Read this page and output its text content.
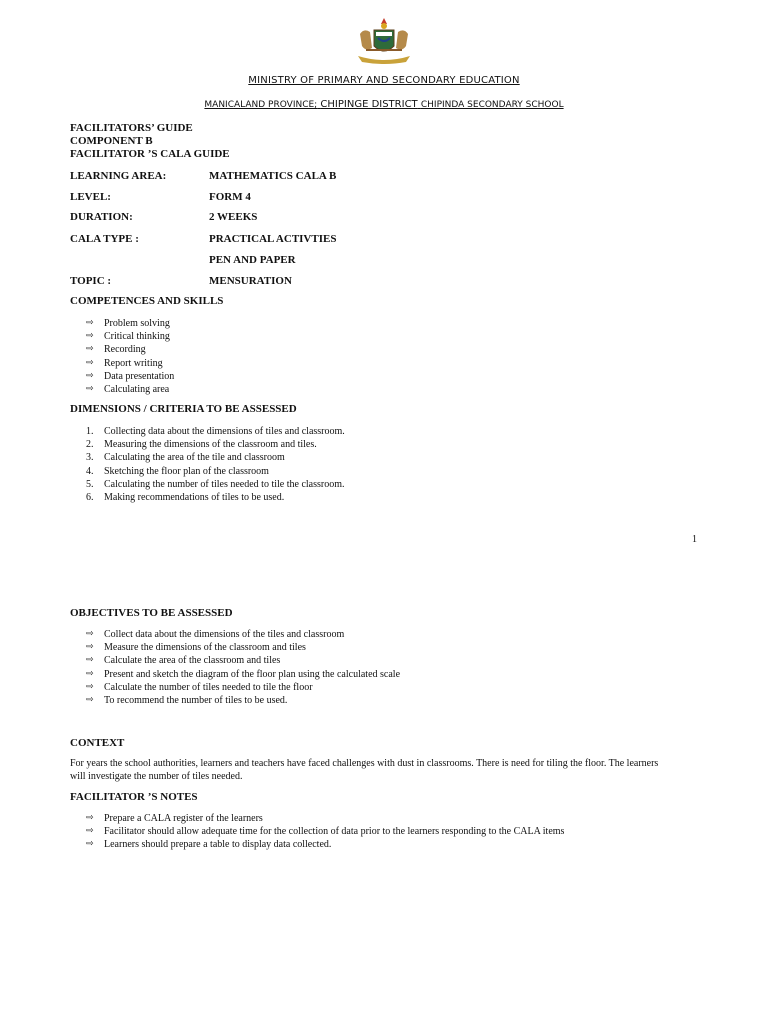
MINISTRY OF PRIMARY AND SECONDARY EDUCATION
MANICALAND PROVINCE; CHIPINGE DISTRICT CHIPINDA SECONDARY SCHOOL
FACILITATORS’ GUIDE
COMPONENT B
FACILITATOR ’S CALA GUIDE
LEARNING AREA:	MATHEMATICS CALA B
LEVEL:	FORM 4
DURATION:	2 WEEKS
CALA TYPE :	PRACTICAL ACTIVTIES
PEN AND PAPER
TOPIC :	MENSURATION
COMPETENCES AND SKILLS
⇨ Problem solving
⇨ Critical thinking
⇨ Recording
⇨ Report writing
⇨ Data presentation
⇨ Calculating area
DIMENSIONS / CRITERIA TO BE ASSESSED
1. Collecting data about the dimensions of tiles and classroom.
2. Measuring the dimensions of the classroom and tiles.
3. Calculating the area of the tile and classroom
4. Sketching the floor plan of the classroom
5. Calculating the number of tiles needed to tile the classroom.
6. Making recommendations of tiles to be used.
1
OBJECTIVES TO BE ASSESSED
⇨ Collect data about the dimensions of the tiles and classroom
⇨ Measure the dimensions of the classroom and tiles
⇨ Calculate the area of the classroom and tiles
⇨ Present and sketch the diagram of the floor plan using the calculated scale
⇨ Calculate the number of tiles needed to tile the floor
⇨ To recommend the number of tiles to be used.
CONTEXT
For years the school authorities, learners and teachers have faced challenges with dust in classrooms. There is need for tiling the floor. The learners will investigate the number of tiles needed.
FACILITATOR ’S NOTES
⇨ Prepare a CALA register of the learners
⇨ Facilitator should allow adequate time for the collection of data prior to the learners responding to the CALA items
⇨ Learners should prepare a table to display data collected.
